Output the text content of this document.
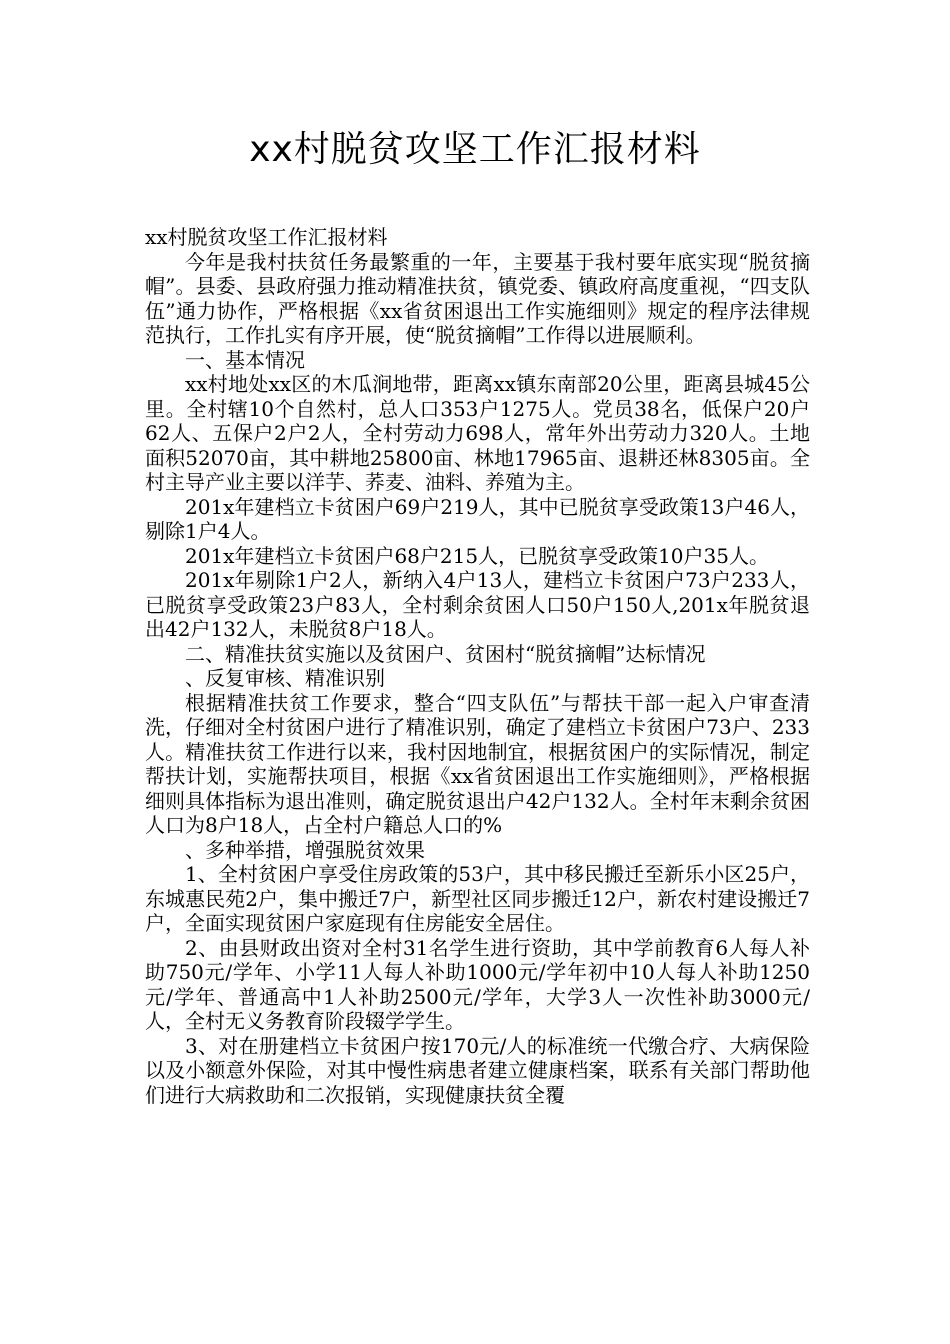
xx村脱贫攻坚工作汇报材料

xx村脱贫攻坚工作汇报材料

今年是我村扶贫任务最繁重的一年，主要基于我村要年底实现“脱贫摘帽”。县委、县政府强力推动精准扶贫，镇党委、镇政府高度重视，“四支队伍”通力协作，严格根据《xx省贫困退出工作实施细则》规定的程序法律规范执行，工作扎实有序开展，使“脱贫摘帽”工作得以进展顺利。

一、基本情况

xx村地处xx区的木瓜涧地带，距离xx镇东南部20公里，距离县城45公里。全村辖10个自然村，总人口353户1275人。党员38名，低保户20户62人、五保户2户2人，全村劳动力698人，常年外出劳动力320人。土地面积52070亩，其中耕地25800亩、林地17965亩、退耕还林8305亩。全村主导产业主要以洋芋、荞麦、油料、养殖为主。

201x年建档立卡贫困户69户219人，其中已脱贫享受政策13户46人，剔除1户4人。

201x年建档立卡贫困户68户215人，已脱贫享受政策10户35人。

201x年剔除1户2人，新纳入4户13人，建档立卡贫困户73户233人，已脱贫享受政策23户83人，全村剩余贫困人口50户150人,201x年脱贫退出42户132人，未脱贫8户18人。

二、精准扶贫实施以及贫困户、贫困村“脱贫摘帽”达标情况

、反复审核、精准识别

根据精准扶贫工作要求，整合“四支队伍”与帮扶干部一起入户审查清洗，仔细对全村贫困户进行了精准识别，确定了建档立卡贫困户73户、233人。精准扶贫工作进行以来，我村因地制宜，根据贫困户的实际情况，制定帮扶计划，实施帮扶项目，根据《xx省贫困退出工作实施细则》，严格根据细则具体指标为退出准则，确定脱贫退出户42户132人。全村年末剩余贫困人口为8户18人，占全村户籍总人口的%

、多种举措，增强脱贫效果

1、全村贫困户享受住房政策的53户，其中移民搬迁至新乐小区25户，东城惠民苑2户，集中搬迁7户，新型社区同步搬迁12户，新农村建设搬迁7户，全面实现贫困户家庭现有住房能安全居住。

2、由县财政出资对全村31名学生进行资助，其中学前教育6人每人补助750元/学年、小学11人每人补助1000元/学年初中10人每人补助1250元/学年、普通高中1人补助2500元/学年，大学3人一次性补助3000元/人，全村无义务教育阶段辍学学生。

3、对在册建档立卡贫困户按170元/人的标准统一代缴合疗、大病保险以及小额意外保险，对其中慢性病患者建立健康档案，联系有关部门帮助他们进行大病救助和二次报销，实现健康扶贫全覆
